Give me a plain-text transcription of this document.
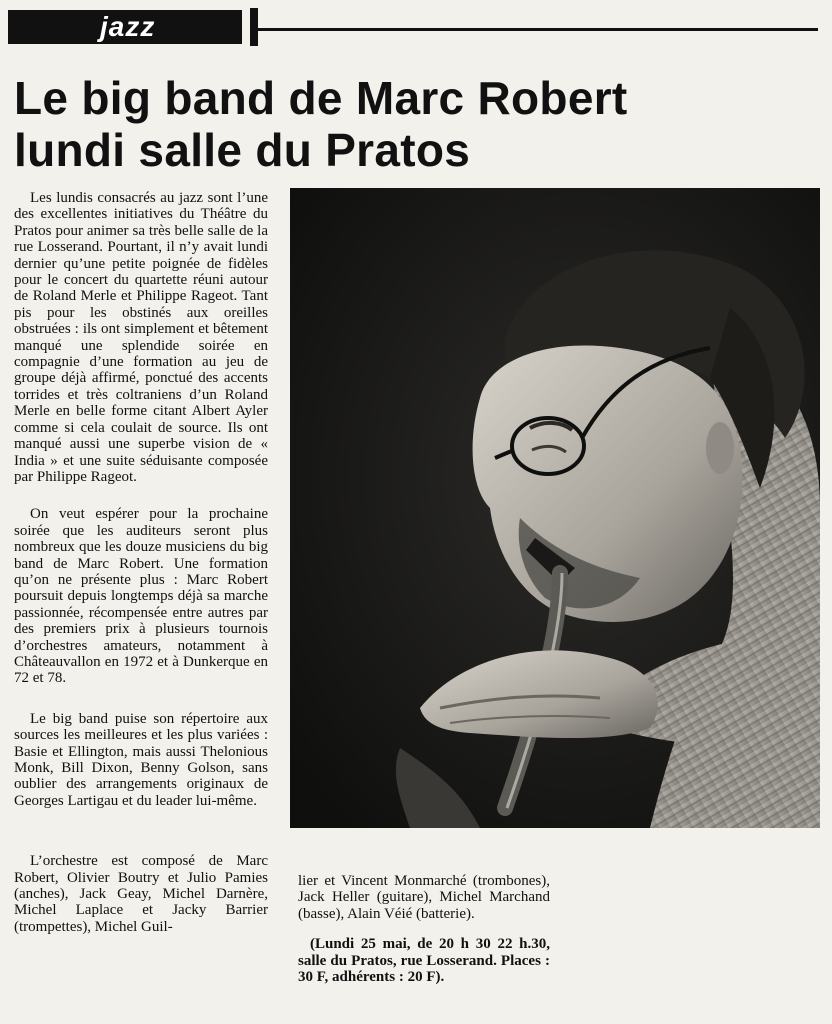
jazz
Le big band de Marc Robert
lundi salle du Pratos

Les lundis consacrés au jazz sont l’une des excellentes initiatives du Théâtre du Pratos pour animer sa très belle salle de la rue Losserand. Pourtant, il n’y avait lundi dernier qu’une petite poignée de fidèles pour le concert du quartette réuni autour de Roland Merle et Philippe Rageot. Tant pis pour les obstinés aux oreilles obstruées : ils ont simplement et bêtement manqué une splendide soirée en compagnie d’une formation au jeu de groupe déjà affirmé, ponctué des accents torrides et très coltraniens d’un Roland Merle en belle forme citant Albert Ayler comme si cela coulait de source. Ils ont manqué aussi une superbe vision de « India » et une suite séduisante composée par Philippe Rageot.

On veut espérer pour la prochaine soirée que les auditeurs seront plus nombreux que les douze musiciens du big band de Marc Robert. Une formation qu’on ne présente plus : Marc Robert poursuit depuis longtemps déjà sa marche passionnée, récompensée entre autres par des premiers prix à plusieurs tournois d’orchestres amateurs, notamment à Châteauvallon en 1972 et à Dunkerque en 72 et 78.

Le big band puise son répertoire aux sources les meilleures et les plus variées : Basie et Ellington, mais aussi Thelonious Monk, Bill Dixon, Benny Golson, sans oublier des arrangements originaux de Georges Lartigau et du leader lui-même.

L’orchestre est composé de Marc Robert, Olivier Boutry et Julio Pamies (anches), Jack Geay, Michel Darnère, Michel Laplace et Jacky Barrier (trompettes), Michel Guil-

lier et Vincent Monmarché (trombones), Jack Heller (guitare), Michel Marchand (basse), Alain Véié (batterie).

(Lundi 25 mai, de 20 h 30 22 h.30, salle du Pratos, rue Losserand. Places : 30 F, adhérents : 20 F).
